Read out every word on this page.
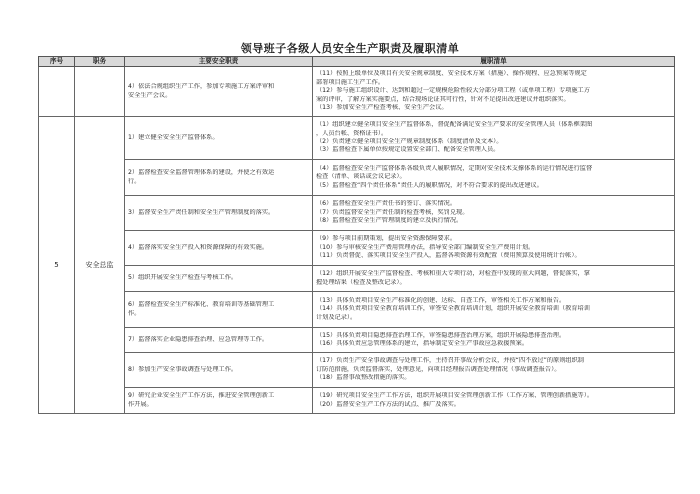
领导班子各级人员安全生产职责及履职清单
序号	职务	主要安全职责	履职清单

		4）依法合规组织生产工作，参加专项施工方案评审和
安全生产会议。	（11）按照上级单位及项目有关安全规章制度、安全技术方案（措施）、操作规程、应急预案等规定
部署项目施工生产工作。
（12）参与施工组织设计、达到和超过一定规模危险性较大分部分项工程（或单项工程）专项施工方
案的评审，了解方案实施要点，结合现场论证其可行性，针对不足提出改进建议并组织落实。
（13）参加安全生产检查考核、安全生产会议。

5	安全总监	1）建立健全安全生产监督体系。	（1）组织建立健全项目安全生产监督体系，督促配备满足安全生产要求的安全管理人员（体系框架图
，人员台帐、资格证书）。
（2）负责建立健全项目安全生产规章制度体系（制度清单及文本）。
（3）监督检查下属单位按规定设置安全部门、配备安全管理人员。

		2）监督检查安全监督管理体系的建设，并使之有效运
行。	（4）监督检查安全生产监督体系各级负责人履职情况，定期对安全技术支撑体系的运行情况进行监督
检查（清单、谈话或会议记录）。
（5）监督检查“四个责任体系”责任人的履职情况，对不符合要求的提出改进建议。

		3）监督安全生产责任制和安全生产管理制度的落实。	（6）监督检查安全生产责任书的签订、落实情况。
（7）负责监督安全生产责任制的检查考核，奖罚兑现。
（8）监督检查安全生产管理制度的建立及执行情况。

		4）监督落实安全生产投入和资源保障的有效实施。	（9）参与项目前期策划，提出安全资源保障要求。
（10）参与审核安全生产费用管理办法，指导安全部门编制安全生产费用计划。
（11）负责督促、落实项目安全生产投入，监督各项资源有效配置（费用预算及使用统计台帐）。

		5）组织开展安全生产检查与考核工作。	（12）组织开展安全生产监督检查、考核和重大专项行动，对检查中发现的重大问题，督促落实，掌
握处理结果（检查及整改记录）。

		6）监督检查安全生产标准化、教育培训等基础管理工
作。	（13）具体负责项目安全生产标准化的创建、达标、自查工作，审签相关工作方案和报告。
（14）具体负责项目安全教育培训工作，审签安全教育培训计划，组织开展安全教育培训（教育培训
计划及记录）。

		7）监督落实企业隐患排查治理、应急管理等工作。	（15）具体负责项目隐患排查治理工作，审签隐患排查治理方案，组织开展隐患排查治理。
（16）具体负责应急管理体系的建立，指导制定安全生产事故应急救援预案。

		8）参加生产安全事故调查与处理工作。	（17）负责生产安全事故调查与处理工作，主持召开事故分析会议，并按“四不放过”的原则组织制
订防范措施，负责监督落实，处理意见，向项目经理报告调查处理情况（事故调查报告）。
（18）监督事故整改措施的落实。

		9）研究企业安全生产工作方法，推进安全管理创新工
作开展。	（19）研究项目安全生产工作方法，组织开展项目安全管理创新工作（工作方案、管理创新措施等）。
（20）监督安全生产工作方法的试点、推广及落实。
